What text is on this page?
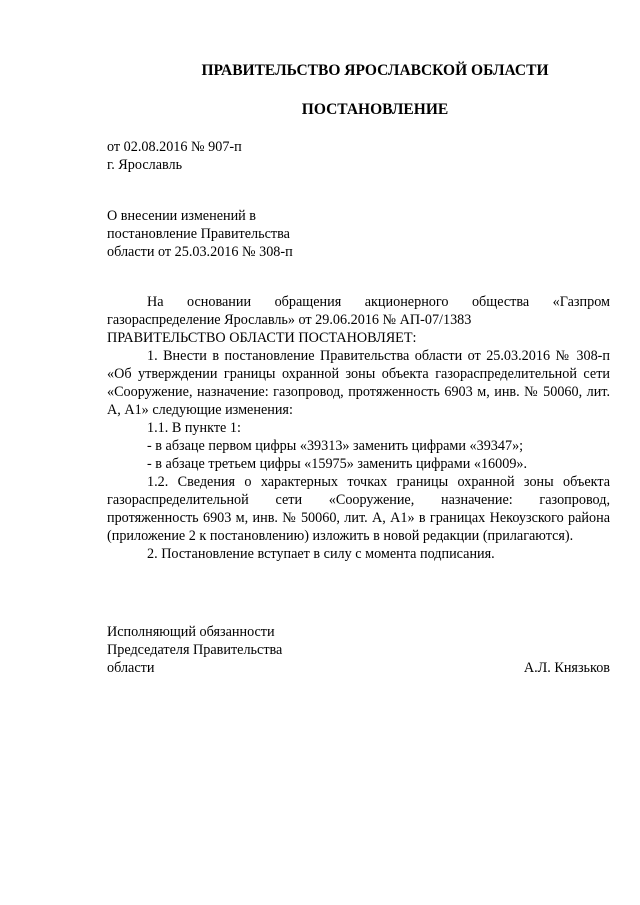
ПРАВИТЕЛЬСТВО ЯРОСЛАВСКОЙ ОБЛАСТИ
ПОСТАНОВЛЕНИЕ
от 02.08.2016 № 907-п
г. Ярославль
О внесении изменений в
постановление Правительства
области от 25.03.2016 № 308-п

На основании обращения акционерного общества «Газпром

газораспределение Ярославль» от 29.06.2016 № АП-07/1383

ПРАВИТЕЛЬСТВО ОБЛАСТИ ПОСТАНОВЛЯЕТ:

1. Внести в постановление Правительства области от 25.03.2016 № 308-п «Об утверждении границы охранной зоны объекта газораспределительной сети «Сооружение, назначение: газопровод, протяженность 6903 м, инв. № 50060, лит. А, А1» следующие изменения:

1.1. В пункте 1:

- в абзаце первом цифры «39313» заменить цифрами «39347»;

- в абзаце третьем цифры «15975» заменить цифрами «16009».

1.2. Сведения о характерных точках границы охранной зоны объекта газораспределительной сети «Сооружение, назначение: газопровод, протяженность 6903 м, инв. № 50060, лит. А, А1» в границах Некоузского района (приложение 2 к постановлению) изложить в новой редакции (прилагаются).

2. Постановление вступает в силу с момента подписания.

Исполняющий обязанности
Председателя Правительства
области	А.Л. Князьков
